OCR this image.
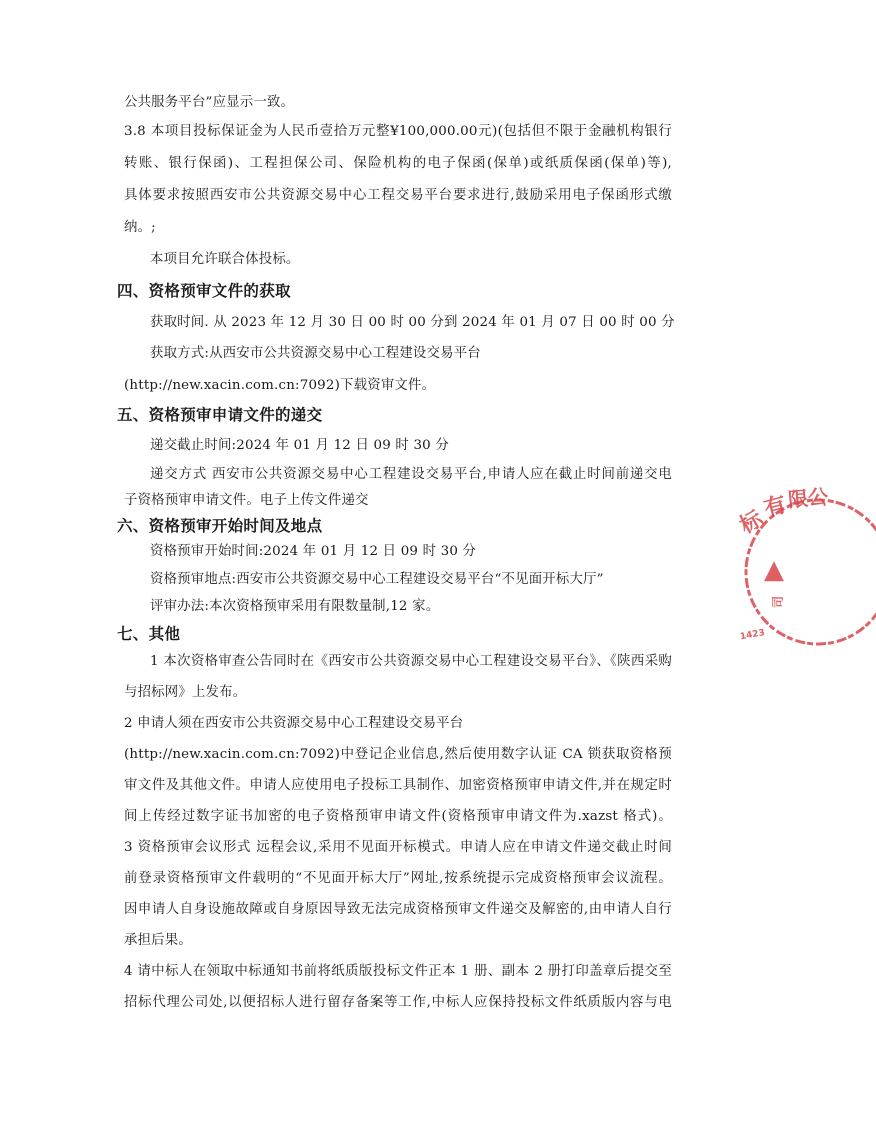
公共服务平台”应显示一致。
3.8 本项目投标保证金为人民币壹拾万元整¥100,000.00元)(包括但不限于金融机构银行
转账、银行保函)、工程担保公司、保险机构的电子保函(保单)或纸质保函(保单)等),
具体要求按照西安市公共资源交易中心工程交易平台要求进行,鼓励采用电子保函形式缴
纳。;
本项目允许联合体投标。
四、资格预审文件的获取
获取时间. 从 2023 年 12 月 30 日 00 时 00 分到 2024 年 01 月 07 日 00 时 00 分
获取方式:从西安市公共资源交易中心工程建设交易平台
(http://new.xacin.com.cn:7092)下载资审文件。
五、资格预审申请文件的递交
递交截止时间:2024 年 01 月 12 日 09 时 30 分
递交方式 西安市公共资源交易中心工程建设交易平台,申请人应在截止时间前递交电
子资格预审申请文件。电子上传文件递交
六、资格预审开始时间及地点
资格预审开始时间:2024 年 01 月 12 日 09 时 30 分
资格预审地点:西安市公共资源交易中心工程建设交易平台“不见面开标大厅”
评审办法:本次资格预审采用有限数量制,12 家。
七、其他
1 本次资格审查公告同时在《西安市公共资源交易中心工程建设交易平台》、《陕西采购
与招标网》上发布。
2 申请人须在西安市公共资源交易中心工程建设交易平台
(http://new.xacin.com.cn:7092)中登记企业信息,然后使用数字认证 CA 锁获取资格预
审文件及其他文件。申请人应使用电子投标工具制作、加密资格预审申请文件,并在规定时
间上传经过数字证书加密的电子资格预审申请文件(资格预审申请文件为.xazst 格式)。
3 资格预审会议形式 远程会议,采用不见面开标模式。申请人应在申请文件递交截止时间
前登录资格预审文件载明的“不见面开标大厅”网址,按系统提示完成资格预审会议流程。
因申请人自身设施故障或自身原因导致无法完成资格预审文件递交及解密的,由申请人自行
承担后果。
4 请中标人在领取中标通知书前将纸质版投标文件正本 1 册、副本 2 册打印盖章后提交至
招标代理公司处,以便招标人进行留存备案等工作,中标人应保持投标文件纸质版内容与电
标
有
限
公
▲
司
1423
